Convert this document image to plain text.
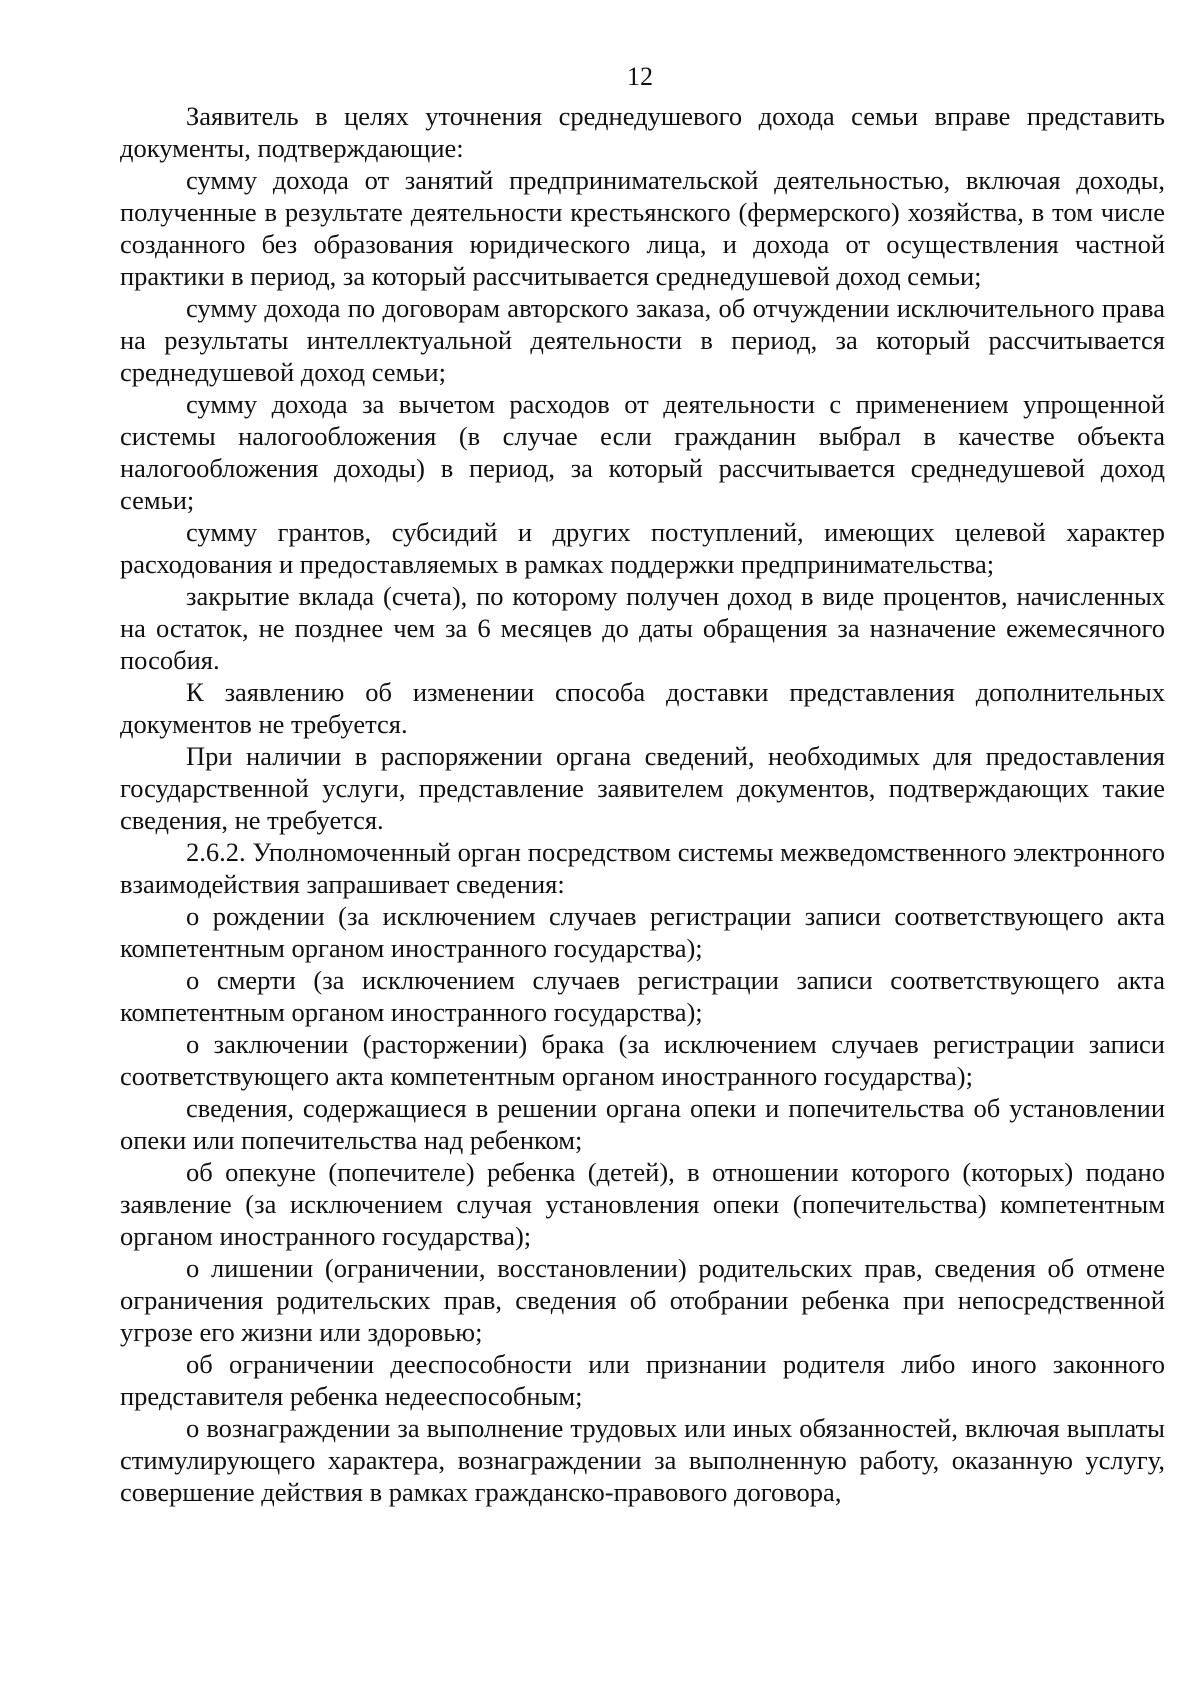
12

Заявитель в целях уточнения среднедушевого дохода семьи вправе представить документы, подтверждающие:

сумму дохода от занятий предпринимательской деятельностью, включая доходы, полученные в результате деятельности крестьянского (фермерского) хозяйства, в том числе созданного без образования юридического лица, и дохода от осуществления частной практики в период, за который рассчитывается среднедушевой доход семьи;

сумму дохода по договорам авторского заказа, об отчуждении исключительного права на результаты интеллектуальной деятельности в период, за который рассчитывается среднедушевой доход семьи;

сумму дохода за вычетом расходов от деятельности с применением упрощенной системы налогообложения (в случае если гражданин выбрал в качестве объекта налогообложения доходы) в период, за который рассчитывается среднедушевой доход семьи;

сумму грантов, субсидий и других поступлений, имеющих целевой характер расходования и предоставляемых в рамках поддержки предпринимательства;

закрытие вклада (счета), по которому получен доход в виде процентов, начисленных на остаток, не позднее чем за 6 месяцев до даты обращения за назначение ежемесячного пособия.

К заявлению об изменении способа доставки представления дополнительных документов не требуется.

При наличии в распоряжении органа сведений, необходимых для предоставления государственной услуги, представление заявителем документов, подтверждающих такие сведения, не требуется.

2.6.2. Уполномоченный орган посредством системы межведомственного электронного взаимодействия запрашивает сведения:

о рождении (за исключением случаев регистрации записи соответствующего акта компетентным органом иностранного государства);

о смерти (за исключением случаев регистрации записи соответствующего акта компетентным органом иностранного государства);

о заключении (расторжении) брака (за исключением случаев регистрации записи соответствующего акта компетентным органом иностранного государства);

сведения, содержащиеся в решении органа опеки и попечительства об установлении опеки или попечительства над ребенком;

об опекуне (попечителе) ребенка (детей), в отношении которого (которых) подано заявление (за исключением случая установления опеки (попечительства) компетентным органом иностранного государства);

о лишении (ограничении, восстановлении) родительских прав, сведения об отмене ограничения родительских прав, сведения об отобрании ребенка при непосредственной угрозе его жизни или здоровью;

об ограничении дееспособности или признании родителя либо иного законного представителя ребенка недееспособным;

о вознаграждении за выполнение трудовых или иных обязанностей, включая выплаты стимулирующего характера, вознаграждении за выполненную работу, оказанную услугу, совершение действия в рамках гражданско-правового договора,
